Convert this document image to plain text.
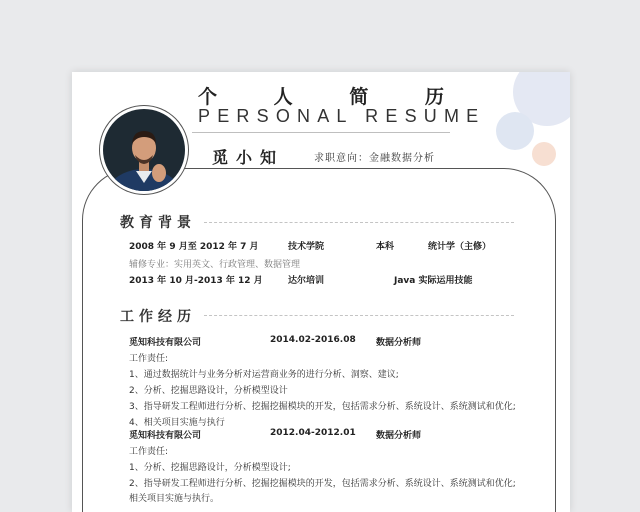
个	人	简	历
PERSONAL RESUME
觅小知	求职意向：金融数据分析
教育背景
2008 年 9 月至 2012 年 7 月	技术学院	本科	统计学（主修）
辅修专业：实用英文、行政管理、数据管理
2013 年 10 月-2013 年 12 月	达尔培训	Java 实际运用技能
工作经历
觅知科技有限公司	2014.02-2016.08 数据分析师
工作责任:
1、通过数据统计与业务分析对运营商业务的进行分析、洞察、建议;
2、分析、挖掘思路设计，分析模型设计
3、指导研发工程师进行分析、挖掘挖掘模块的开发，包括需求分析、系统设计、系统测试和优化;
4、相关项目实施与执行
觅知科技有限公司	2012.04-2012.01 数据分析师
工作责任:
1、分析、挖掘思路设计，分析模型设计;
2、指导研发工程师进行分析、挖掘挖掘模块的开发，包括需求分析、系统设计、系统测试和优化;
相关项目实施与执行。
